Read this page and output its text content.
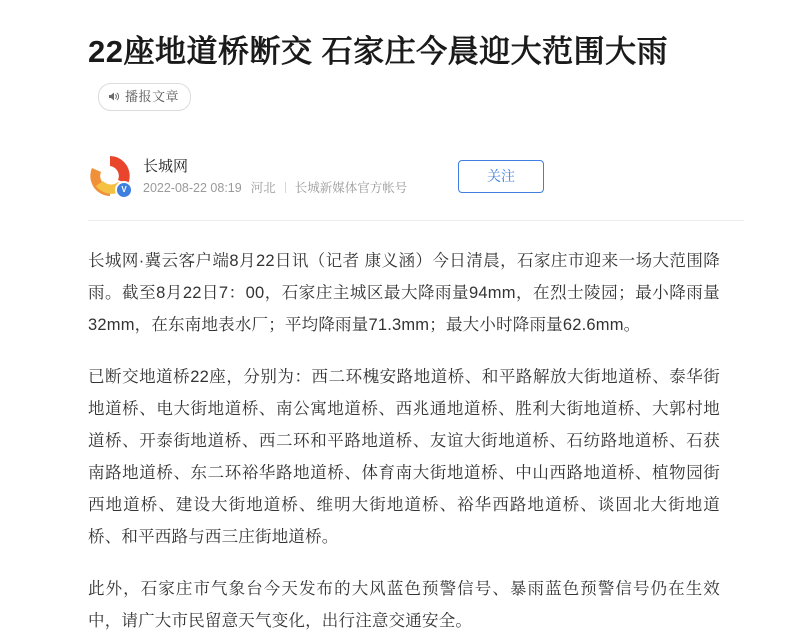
22座地道桥断交 石家庄今晨迎大范围大雨
播报文章
V
长城网
2022-08-22 08:19 河北 长城新媒体官方帐号
关注

长城网·冀云客户端8月22日讯（记者 康义涵）今日清晨，石家庄市迎来一场大范围降雨。截至8月22日7：00，石家庄主城区最大降雨量94mm，在烈士陵园；最小降雨量32mm，在东南地表水厂；平均降雨量71.3mm；最大小时降雨量62.6mm。

已断交地道桥22座，分别为：西二环槐安路地道桥、和平路解放大街地道桥、泰华街地道桥、电大街地道桥、南公寓地道桥、西兆通地道桥、胜利大街地道桥、大郭村地道桥、开泰街地道桥、西二环和平路地道桥、友谊大街地道桥、石纺路地道桥、石获南路地道桥、东二环裕华路地道桥、体育南大街地道桥、中山西路地道桥、植物园街西地道桥、建设大街地道桥、维明大街地道桥、裕华西路地道桥、谈固北大街地道桥、和平西路与西三庄街地道桥。

此外，石家庄市气象台今天发布的大风蓝色预警信号、暴雨蓝色预警信号仍在生效中，请广大市民留意天气变化，出行注意交通安全。
